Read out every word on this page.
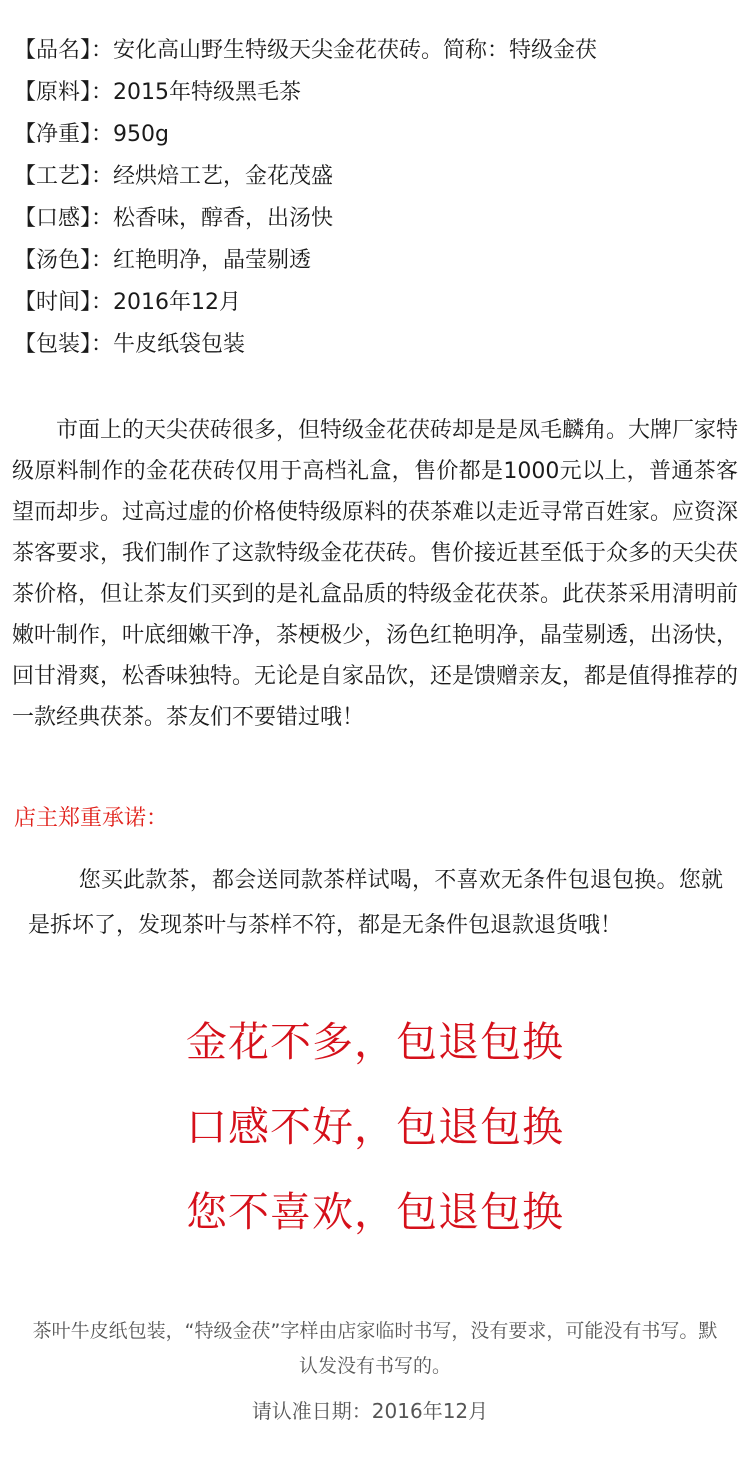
【品名】：安化高山野生特级天尖金花茯砖。简称：特级金茯
【原料】：2015年特级黑毛茶
【净重】：950g
【工艺】：经烘焙工艺，金花茂盛
【口感】：松香味，醇香，出汤快
【汤色】：红艳明净，晶莹剔透
【时间】：2016年12月
【包装】：牛皮纸袋包装

市面上的天尖茯砖很多，但特级金花茯砖却是是凤毛麟角。大牌厂家特级原料制作的金花茯砖仅用于高档礼盒，售价都是1000元以上，普通茶客望而却步。过高过虚的价格使特级原料的茯茶难以走近寻常百姓家。应资深茶客要求，我们制作了这款特级金花茯砖。售价接近甚至低于众多的天尖茯茶价格，但让茶友们买到的是礼盒品质的特级金花茯茶。此茯茶采用清明前嫩叶制作，叶底细嫩干净，茶梗极少，汤色红艳明净，晶莹剔透，出汤快，回甘滑爽，松香味独特。无论是自家品饮，还是馈赠亲友，都是值得推荐的一款经典茯茶。茶友们不要错过哦！

店主郑重承诺：

您买此款茶，都会送同款茶样试喝，不喜欢无条件包退包换。您就是拆坏了，发现茶叶与茶样不符，都是无条件包退款退货哦！

金花不多，包退包换
口感不好，包退包换
您不喜欢，包退包换

茶叶牛皮纸包装，“特级金茯”字样由店家临时书写，没有要求，可能没有书写。默认发没有书写的。

请认准日期：2016年12月
